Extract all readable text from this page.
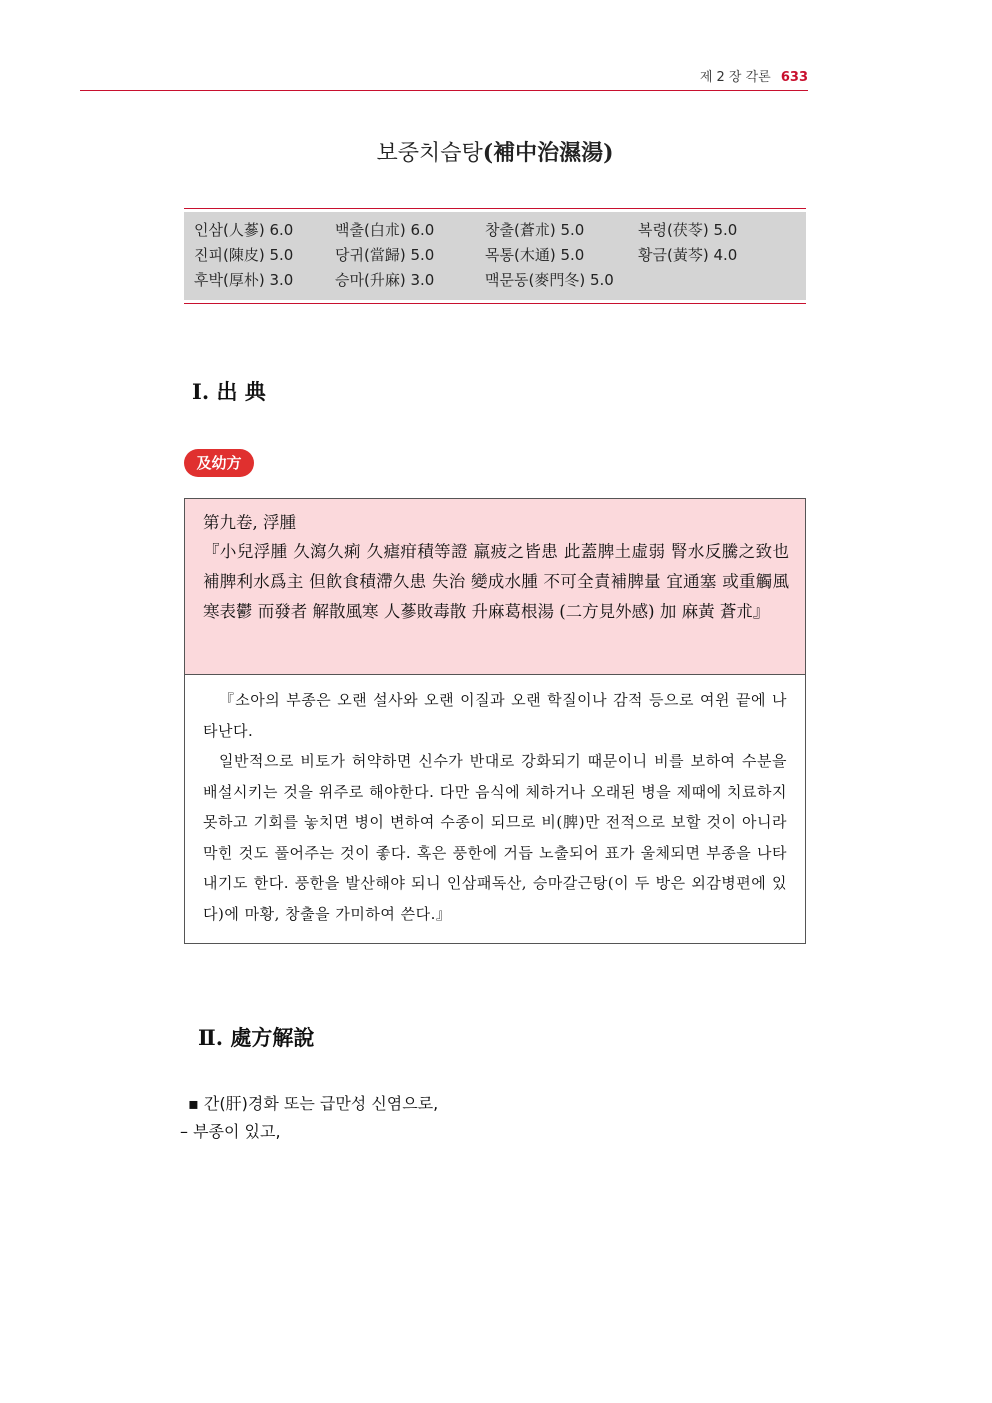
제 2 장 각론 633
보중치습탕(補中治濕湯)
인삼(人蔘) 6.0	백출(白朮) 6.0	창출(蒼朮) 5.0	복령(茯苓) 5.0
진피(陳皮) 5.0	당귀(當歸) 5.0	목통(木通) 5.0	황금(黃芩) 4.0
후박(厚朴) 3.0	승마(升麻) 3.0	맥문동(麥門冬) 5.0
Ⅰ. 出 典
及幼方
第九卷, 浮腫
『小兒浮腫 久瀉久痢 久瘧疳積等證 羸疲之皆患 此蓋脾土虛弱 腎水反騰之致也 補脾利水爲主 但飮食積滯久患 失治 變成水腫 不可全責補脾量 宜通塞 或重觸風寒表鬱 而發者 解散風寒 人蔘敗毒散 升麻葛根湯 (二方見外感) 加 麻黃 蒼朮』

『소아의 부종은 오랜 설사와 오랜 이질과 오랜 학질이나 감적 등으로 여윈 끝에 나타난다.

일반적으로 비토가 허약하면 신수가 반대로 강화되기 때문이니 비를 보하여 수분을 배설시키는 것을 위주로 해야한다. 다만 음식에 체하거나 오래된 병을 제때에 치료하지 못하고 기회를 놓치면 병이 변하여 수종이 되므로 비(脾)만 전적으로 보할 것이 아니라 막힌 것도 풀어주는 것이 좋다. 혹은 풍한에 거듭 노출되어 표가 울체되면 부종을 나타내기도 한다. 풍한을 발산해야 되니 인삼패독산, 승마갈근탕(이 두 방은 외감병편에 있다)에 마황, 창출을 가미하여 쓴다.』

Ⅱ. 處方解說
▪ 간(肝)경화 또는 급만성 신염으로,
– 부종이 있고,
